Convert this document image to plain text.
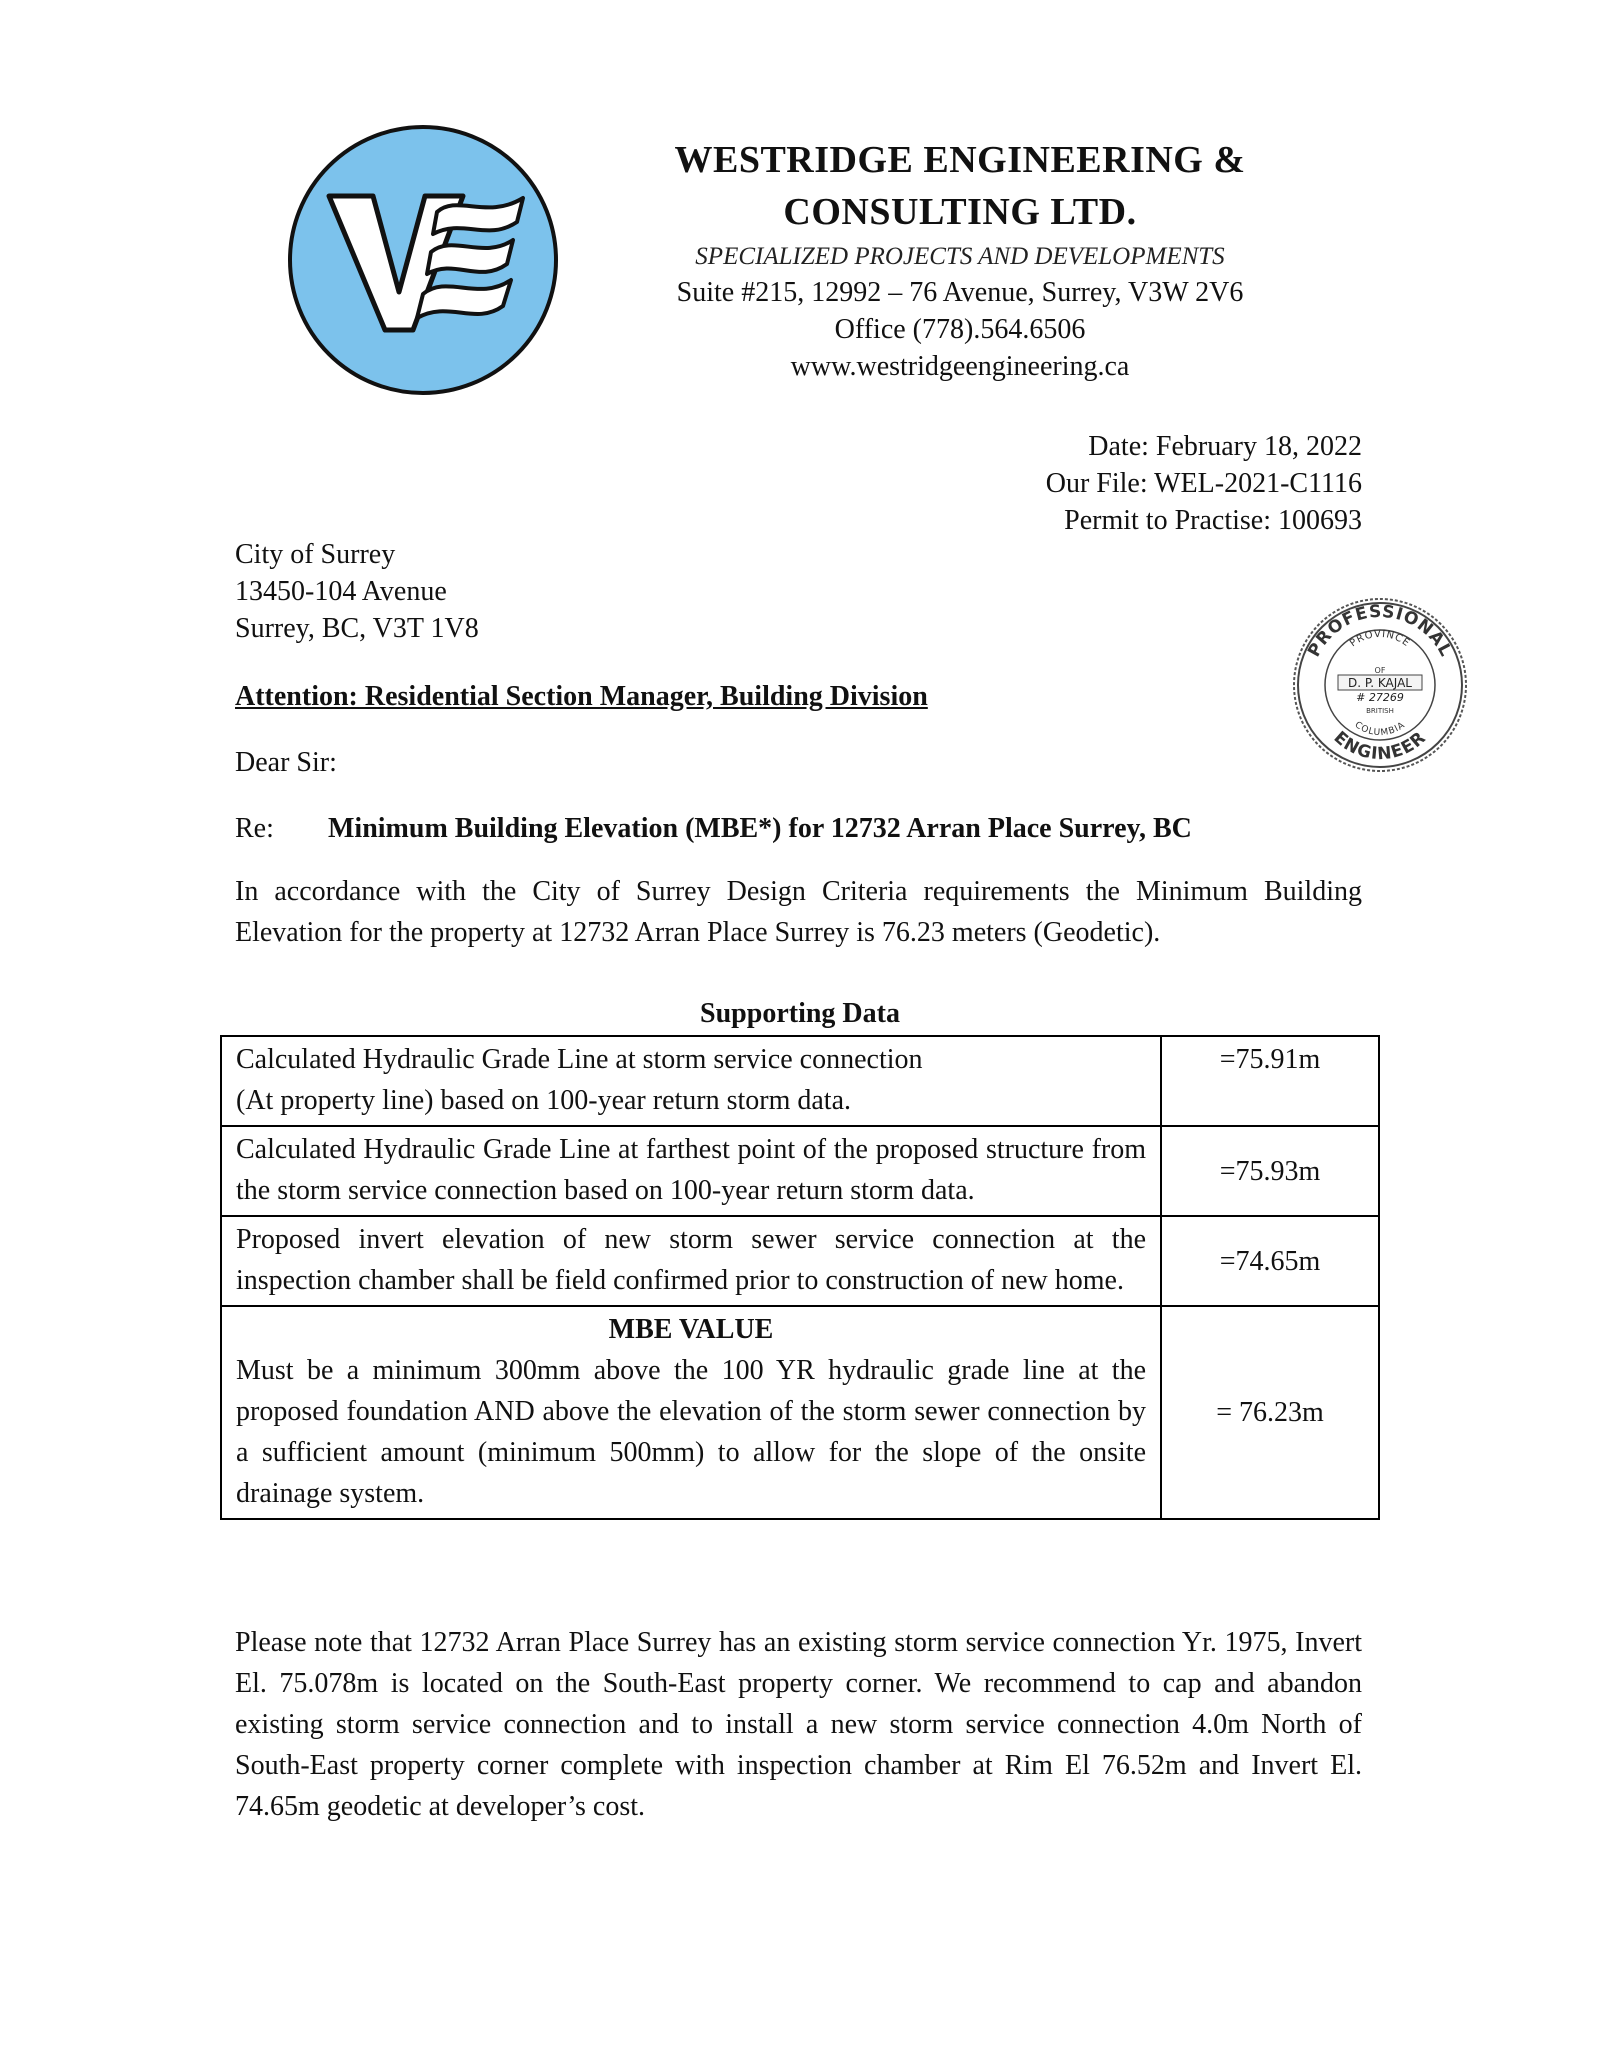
WESTRIDGE ENGINEERING &
CONSULTING LTD.
SPECIALIZED PROJECTS AND DEVELOPMENTS
Suite #215, 12992 – 76 Avenue, Surrey, V3W 2V6
Office (778).564.6506
www.westridgeengineering.ca
Date: February 18, 2022
Our File: WEL-2021-C1116
Permit to Practise: 100693
City of Surrey
13450-104 Avenue
Surrey, BC, V3T 1V8
PROFESSIONAL
ENGINEER
PROVINCE
OF
D. P. KAJAL
# 27269
BRITISH
COLUMBIA
Attention: Residential Section Manager, Building Division
Dear Sir:
Re: Minimum Building Elevation (MBE*) for 12732 Arran Place Surrey, BC
In accordance with the City of Surrey Design Criteria requirements the Minimum Building Elevation for the property at 12732 Arran Place Surrey is 76.23 meters (Geodetic).
Supporting Data
Calculated Hydraulic Grade Line at storm service connection
(At property line) based on 100-year return storm data.	=75.91m
Calculated Hydraulic Grade Line at farthest point of the proposed structure from the storm service connection based on 100-year return storm data.	=75.93m
Proposed invert elevation of new storm sewer service connection at the inspection chamber shall be field confirmed prior to construction of new home.	=74.65m

MBE VALUE
Must be a minimum 300mm above the 100 YR hydraulic grade line at the proposed foundation AND above the elevation of the storm sewer connection by a sufficient amount (minimum 500mm) to allow for the slope of the onsite drainage system.	= 76.23m
Please note that 12732 Arran Place Surrey has an existing storm service connection Yr. 1975, Invert El. 75.078m is located on the South-East property corner. We recommend to cap and abandon existing storm service connection and to install a new storm service connection 4.0m North of South-East property corner complete with inspection chamber at Rim El 76.52m and Invert El. 74.65m geodetic at developer’s cost.
